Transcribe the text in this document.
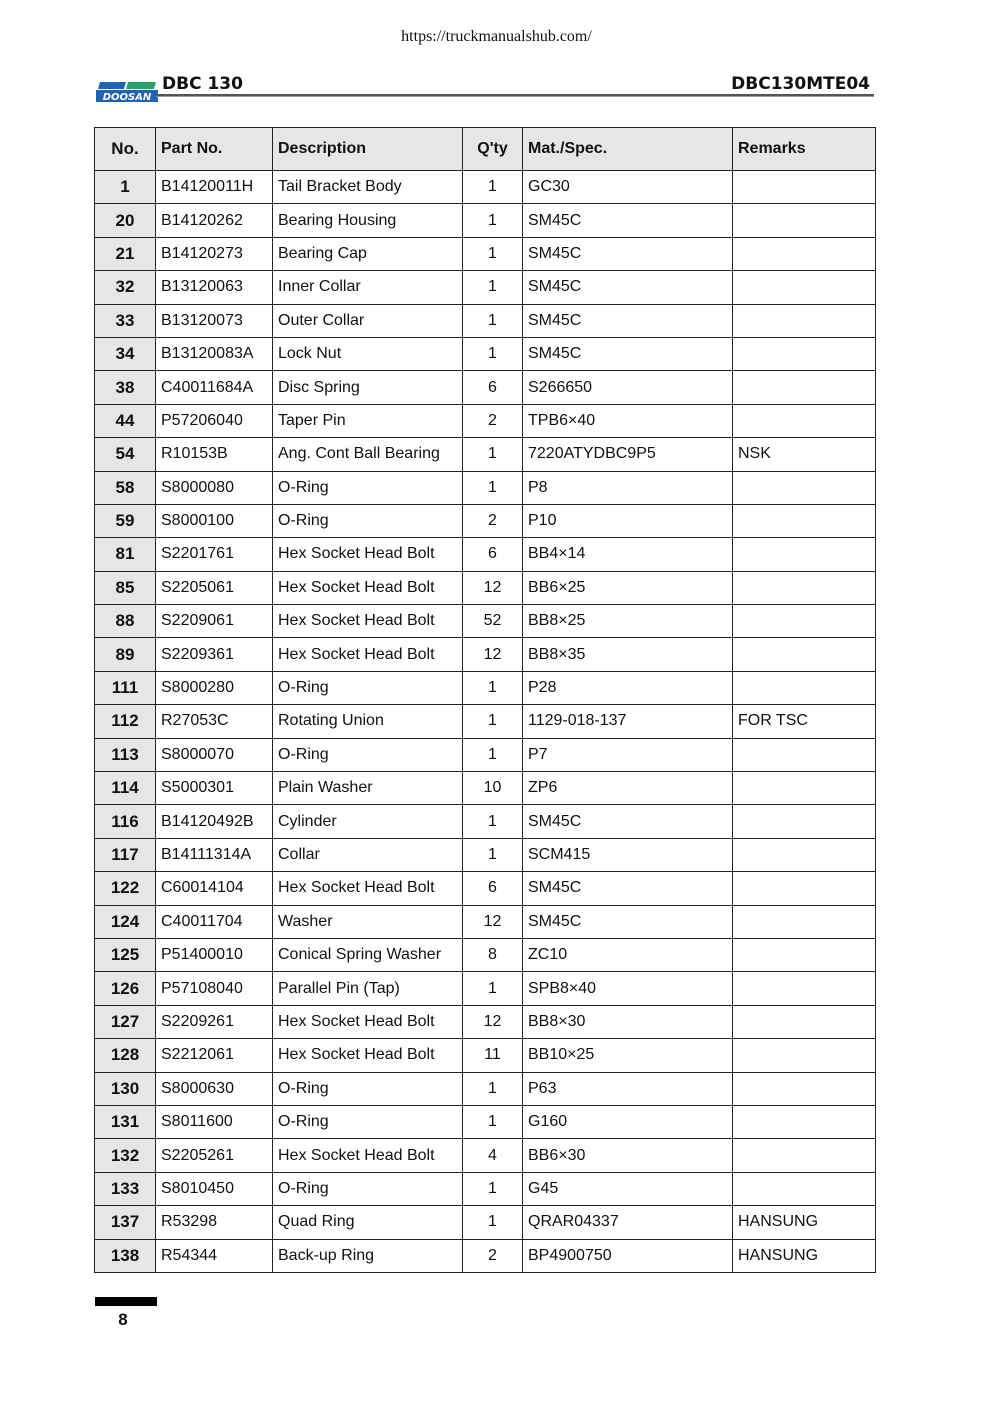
https://truckmanualshub.com/
DOOSAN
DBC 130	DBC130MTE04
No.	Part No.	Description	Q'ty	Mat./Spec.	Remarks
1	B14120011H	Tail Bracket Body	1	GC30	
20	B14120262	Bearing Housing	1	SM45C	
21	B14120273	Bearing Cap	1	SM45C	
32	B13120063	Inner Collar	1	SM45C	
33	B13120073	Outer Collar	1	SM45C	
34	B13120083A	Lock Nut	1	SM45C	
38	C40011684A	Disc Spring	6	S266650	
44	P57206040	Taper Pin	2	TPB6×40	
54	R10153B	Ang. Cont Ball Bearing	1	7220ATYDBC9P5	NSK
58	S8000080	O-Ring	1	P8	
59	S8000100	O-Ring	2	P10	
81	S2201761	Hex Socket Head Bolt	6	BB4×14	
85	S2205061	Hex Socket Head Bolt	12	BB6×25	
88	S2209061	Hex Socket Head Bolt	52	BB8×25	
89	S2209361	Hex Socket Head Bolt	12	BB8×35	
111	S8000280	O-Ring	1	P28	
112	R27053C	Rotating Union	1	1129-018-137	FOR TSC
113	S8000070	O-Ring	1	P7	
114	S5000301	Plain Washer	10	ZP6	
116	B14120492B	Cylinder	1	SM45C	
117	B14111314A	Collar	1	SCM415	
122	C60014104	Hex Socket Head Bolt	6	SM45C	
124	C40011704	Washer	12	SM45C	
125	P51400010	Conical Spring Washer	8	ZC10	
126	P57108040	Parallel Pin (Tap)	1	SPB8×40	
127	S2209261	Hex Socket Head Bolt	12	BB8×30	
128	S2212061	Hex Socket Head Bolt	11	BB10×25	
130	S8000630	O-Ring	1	P63	
131	S8011600	O-Ring	1	G160	
132	S2205261	Hex Socket Head Bolt	4	BB6×30	
133	S8010450	O-Ring	1	G45	
137	R53298	Quad Ring	1	QRAR04337	HANSUNG
138	R54344	Back-up Ring	2	BP4900750	HANSUNG
8
